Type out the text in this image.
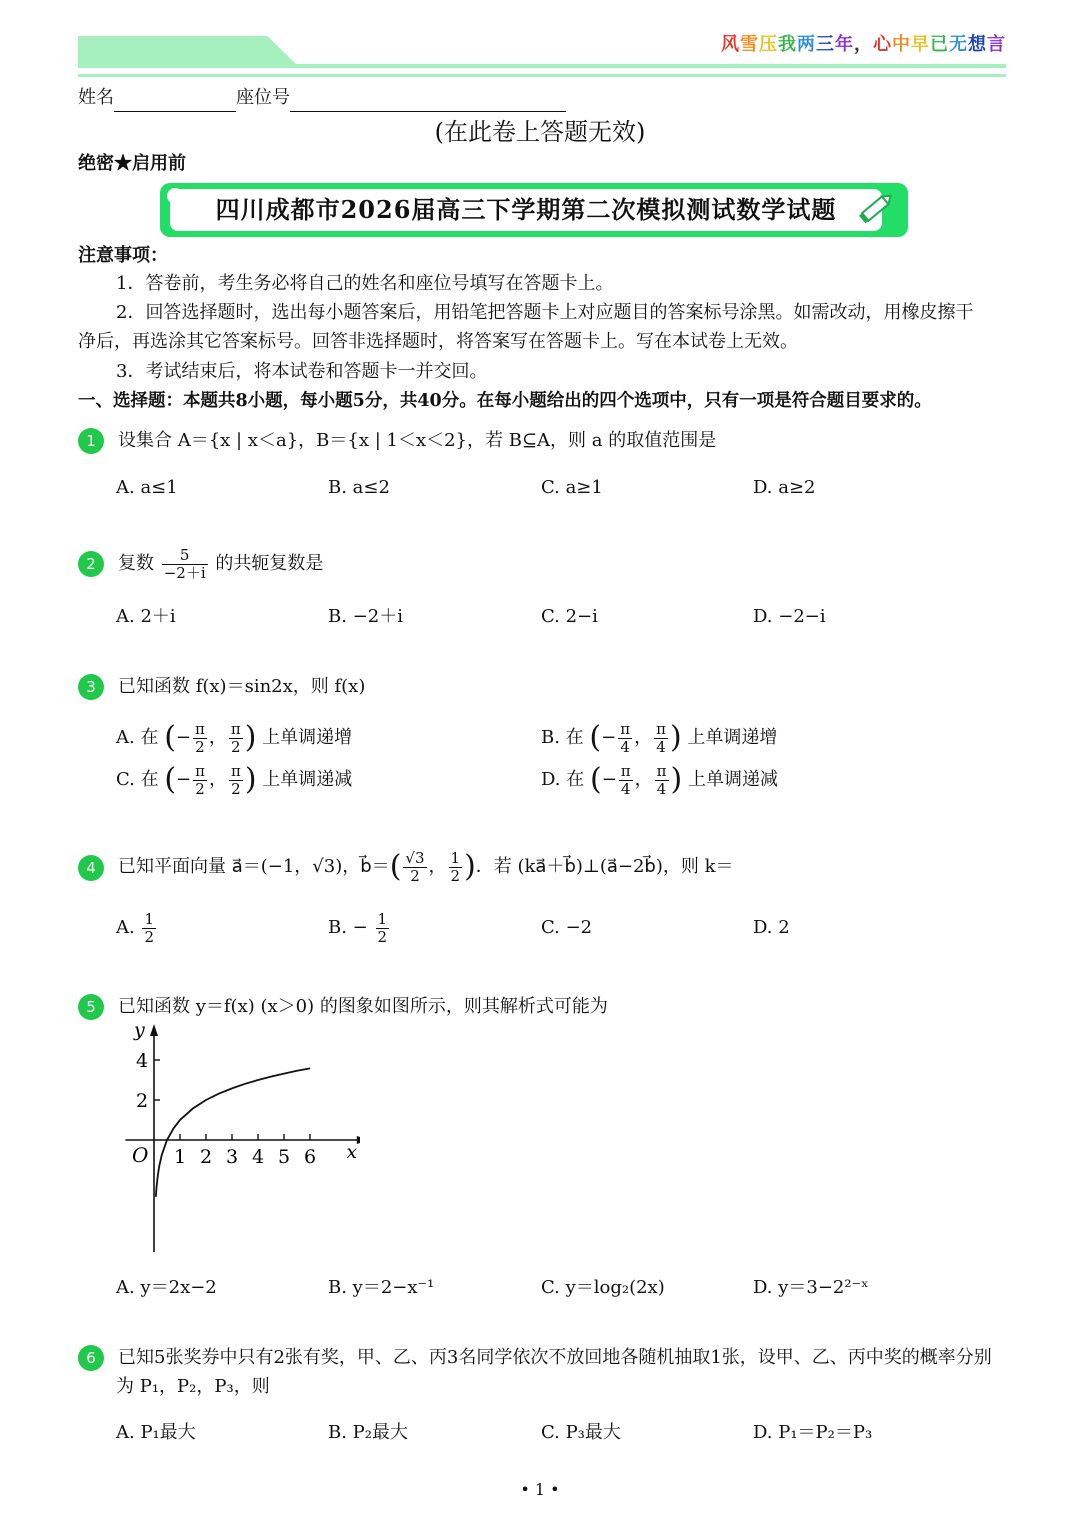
风雪压我两三年，心中早已无想言
姓名	座位号
(在此卷上答题无效)
绝密★启用前
四川成都市2026届高三下学期第二次模拟测试数学试题
注意事项：
1．答卷前，考生务必将自己的姓名和座位号填写在答题卡上。
2．回答选择题时，选出每小题答案后，用铅笔把答题卡上对应题目的答案标号涂黑。如需改动，用橡皮擦干
净后，再选涂其它答案标号。回答非选择题时，将答案写在答题卡上。写在本试卷上无效。
3．考试结束后，将本试卷和答题卡一并交回。
一、选择题：本题共8小题，每小题5分，共40分。在每小题给出的四个选项中，只有一项是符合题目要求的。
1	设集合 A＝{x | x＜a}，B＝{x | 1＜x＜2}，若 B⊆A，则 a 的取值范围是
A. a≤1	B. a≤2	C. a≥1	D. a≥2
2	复数 $\frac{5}{-2+i}$ 的共轭复数是
A. 2＋i	B. −2＋i	C. 2−i	D. −2−i
3	已知函数 f(x)＝sin2x，则 f(x)
A. 在 (− $\frac{\pi}{2}$ ， $\frac{\pi}{2}$ ) 上单调递增	B. 在 (− $\frac{\pi}{4}$ ， $\frac{\pi}{4}$ ) 上单调递增
C. 在 (− $\frac{\pi}{2}$ ， $\frac{\pi}{2}$ ) 上单调递减	D. 在 (− $\frac{\pi}{4}$ ， $\frac{\pi}{4}$ ) 上单调递减
4	已知平面向量 a⃗＝(−1，√3)，b⃗＝( $\frac{√3}{2}$ ， $\frac{1}{2}$ )．若 (ka⃗＋b⃗)⊥(a⃗−2b⃗)，则 k＝
A. $\frac{1}{2}$	B. − $\frac{1}{2}$	C. −2	D. 2
5	已知函数 y＝f(x) (x＞0) 的图象如图所示，则其解析式可能为
x
y
O 1 2 3 4 5 6
2
4
A. y＝2x−2	B. y＝2−x⁻¹	C. y＝log₂(2x)	D. y＝3−2²⁻ˣ
6	已知5张奖券中只有2张有奖，甲、乙、丙3名同学依次不放回地各随机抽取1张，设甲、乙、丙中奖的概率分别
为 P₁，P₂，P₃，则
A. P₁最大	B. P₂最大	C. P₃最大	D. P₁＝P₂＝P₃
• 1 •
